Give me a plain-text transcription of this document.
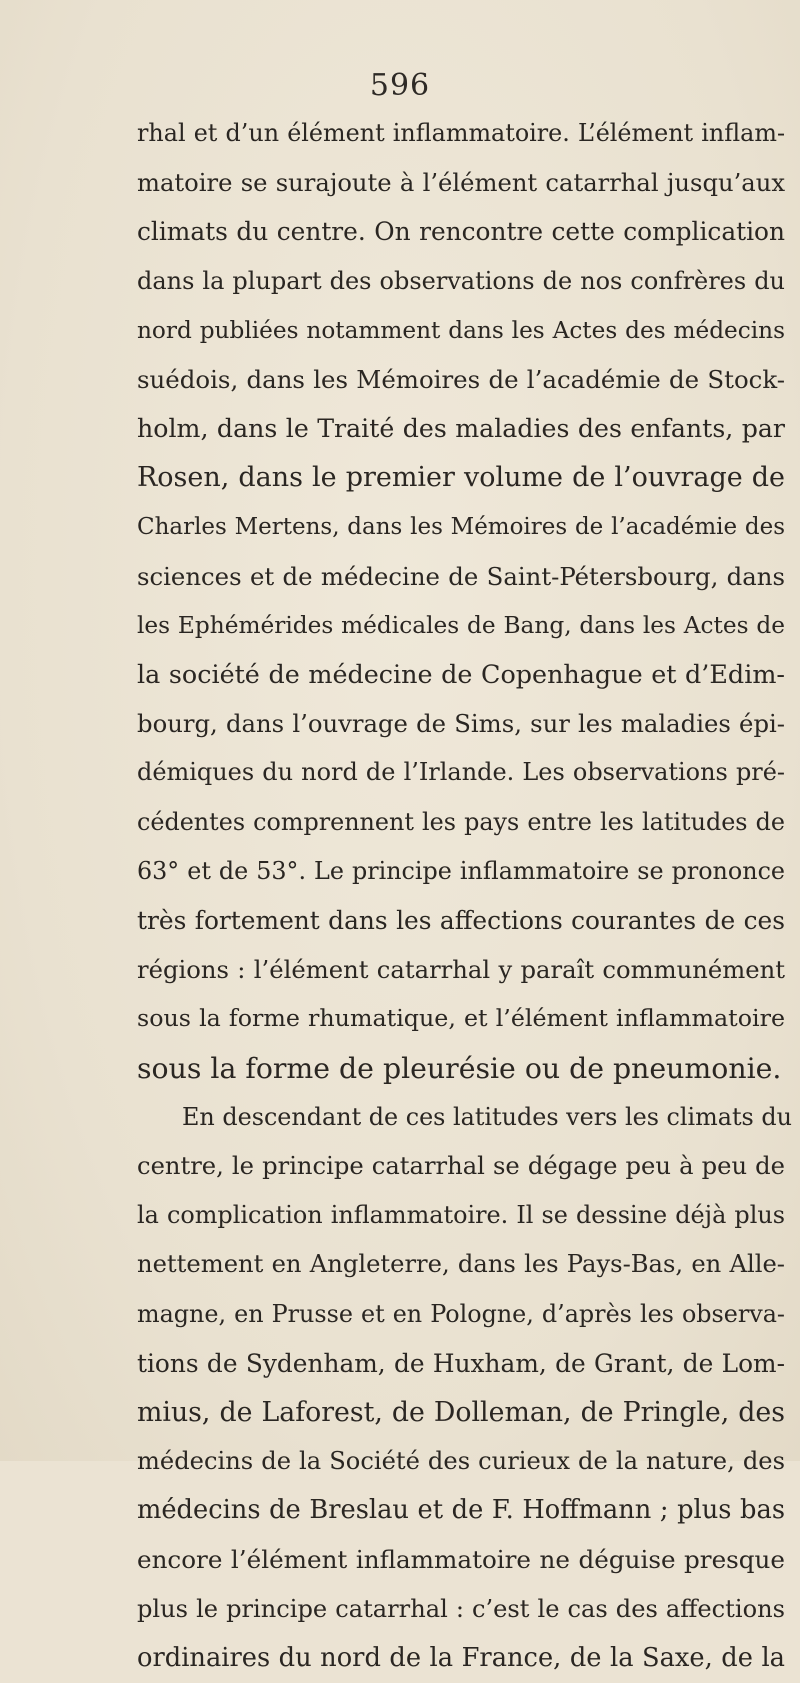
596
rhal et d’un élément inflammatoire. L’élément inflam-
matoire se surajoute à l’élément catarrhal jusqu’aux
climats du centre. On rencontre cette complication
dans la plupart des observations de nos confrères du
nord publiées notamment dans les Actes des médecins
suédois, dans les Mémoires de l’académie de Stock-
holm, dans le Traité des maladies des enfants, par
Rosen, dans le premier volume de l’ouvrage de
Charles Mertens, dans les Mémoires de l’académie des
sciences et de médecine de Saint-Pétersbourg, dans
les Ephémérides médicales de Bang, dans les Actes de
la société de médecine de Copenhague et d’Edim-
bourg, dans l’ouvrage de Sims, sur les maladies épi-
démiques du nord de l’Irlande. Les observations pré-
cédentes comprennent les pays entre les latitudes de
63° et de 53°. Le principe inflammatoire se prononce
très fortement dans les affections courantes de ces
régions : l’élément catarrhal y paraît communément
sous la forme rhumatique, et l’élément inflammatoire
sous la forme de pleurésie ou de pneumonie.
En descendant de ces latitudes vers les climats du
centre, le principe catarrhal se dégage peu à peu de
la complication inflammatoire. Il se dessine déjà plus
nettement en Angleterre, dans les Pays-Bas, en Alle-
magne, en Prusse et en Pologne, d’après les observa-
tions de Sydenham, de Huxham, de Grant, de Lom-
mius, de Laforest, de Dolleman, de Pringle, des
médecins de la Société des curieux de la nature, des
médecins de Breslau et de F. Hoffmann ; plus bas
encore l’élément inflammatoire ne déguise presque
plus le principe catarrhal : c’est le cas des affections
ordinaires du nord de la France, de la Saxe, de la
